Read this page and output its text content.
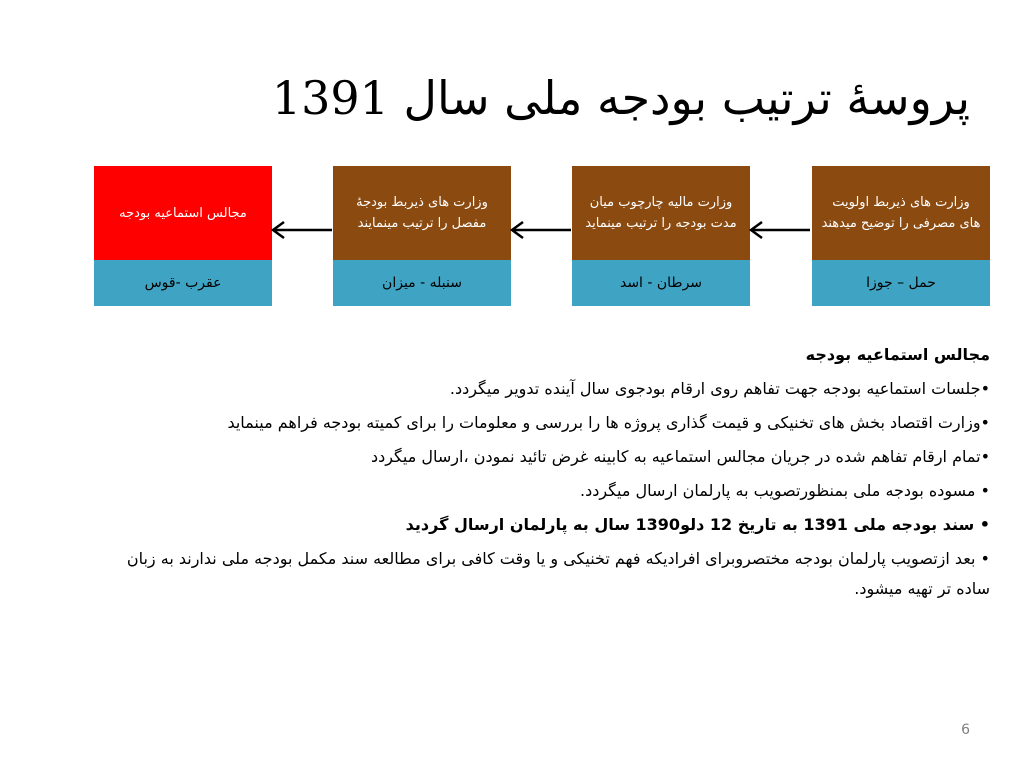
پروسۀ ترتیب بودجه ملی سال 1391
وزارت های ذیربط اولویت های مصرفی را توضیح میدهند
حمل – جوزا
وزارت مالیه چارچوب میان مدت بودجه را ترتیب مینماید
سرطان - اسد
وزارت های ذیربط بودجۀ مفصل را ترتیب مینمایند
سنبله - میزان
مجالس استماعیه بودجه
عقرب -قوس
مجالس استماعیه بودجه
•جلسات استماعیه بودجه جهت تفاهم روی ارقام بودجوی سال آینده تدویر میگردد.
•وزارت اقتصاد بخش های تخنیکی و قیمت گذاری پروژه ها را بررسی و معلومات را برای کمیته بودجه فراهم مینماید
•تمام ارقام تفاهم شده در جریان مجالس استماعیه به کابینه غرض تائید نمودن ،ارسال میگردد
• مسوده بودجه ملی بمنظورتصویب به پارلمان ارسال میگردد.
• سند بودجه ملی 1391 به تاریخ 12 دلو1390 سال به پارلمان ارسال گردید
• بعد ازتصویب پارلمان بودجه مختصروبرای افرادیکه فهم تخنیکی و یا وقت کافی برای مطالعه سند مکمل بودجه ملی ندارند به زبان ساده تر تهیه میشود.
6
